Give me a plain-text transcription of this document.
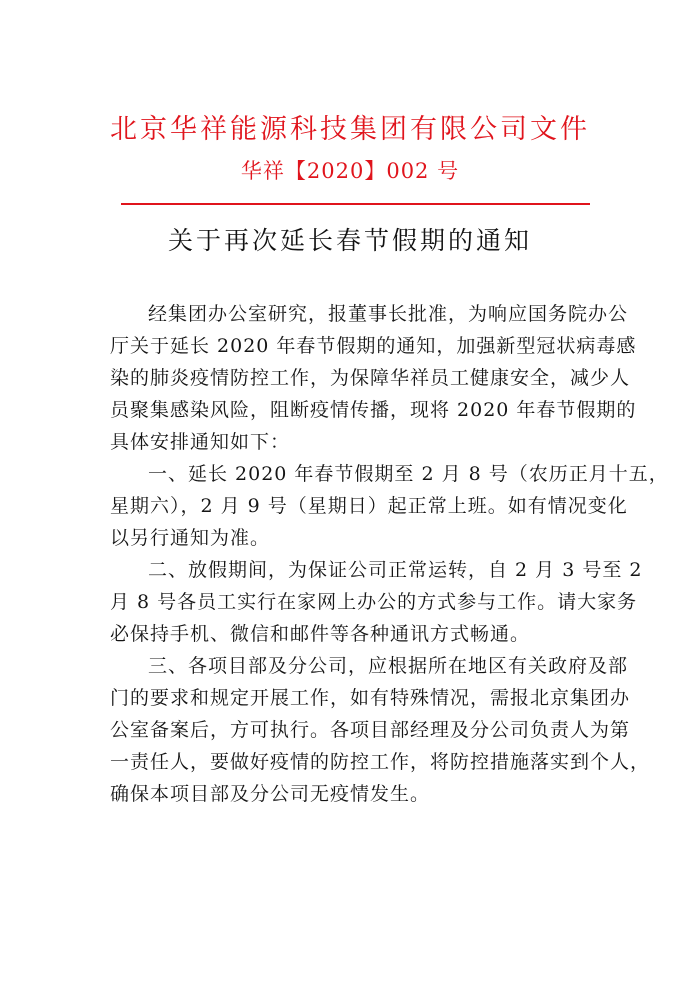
北京华祥能源科技集团有限公司文件
华祥【2020】002 号
关于再次延长春节假期的通知
经集团办公室研究，报董事长批准，为响应国务院办公
厅关于延长 2020 年春节假期的通知，加强新型冠状病毒感
染的肺炎疫情防控工作，为保障华祥员工健康安全，减少人
员聚集感染风险，阻断疫情传播，现将 2020 年春节假期的
具体安排通知如下：
一、延长 2020 年春节假期至 2 月 8 号（农历正月十五，
星期六），2 月 9 号（星期日）起正常上班。如有情况变化
以另行通知为准。
二、放假期间，为保证公司正常运转，自 2 月 3 号至 2
月 8 号各员工实行在家网上办公的方式参与工作。请大家务
必保持手机、微信和邮件等各种通讯方式畅通。
三、各项目部及分公司，应根据所在地区有关政府及部
门的要求和规定开展工作，如有特殊情况，需报北京集团办
公室备案后，方可执行。各项目部经理及分公司负责人为第
一责任人，要做好疫情的防控工作，将防控措施落实到个人，
确保本项目部及分公司无疫情发生。
